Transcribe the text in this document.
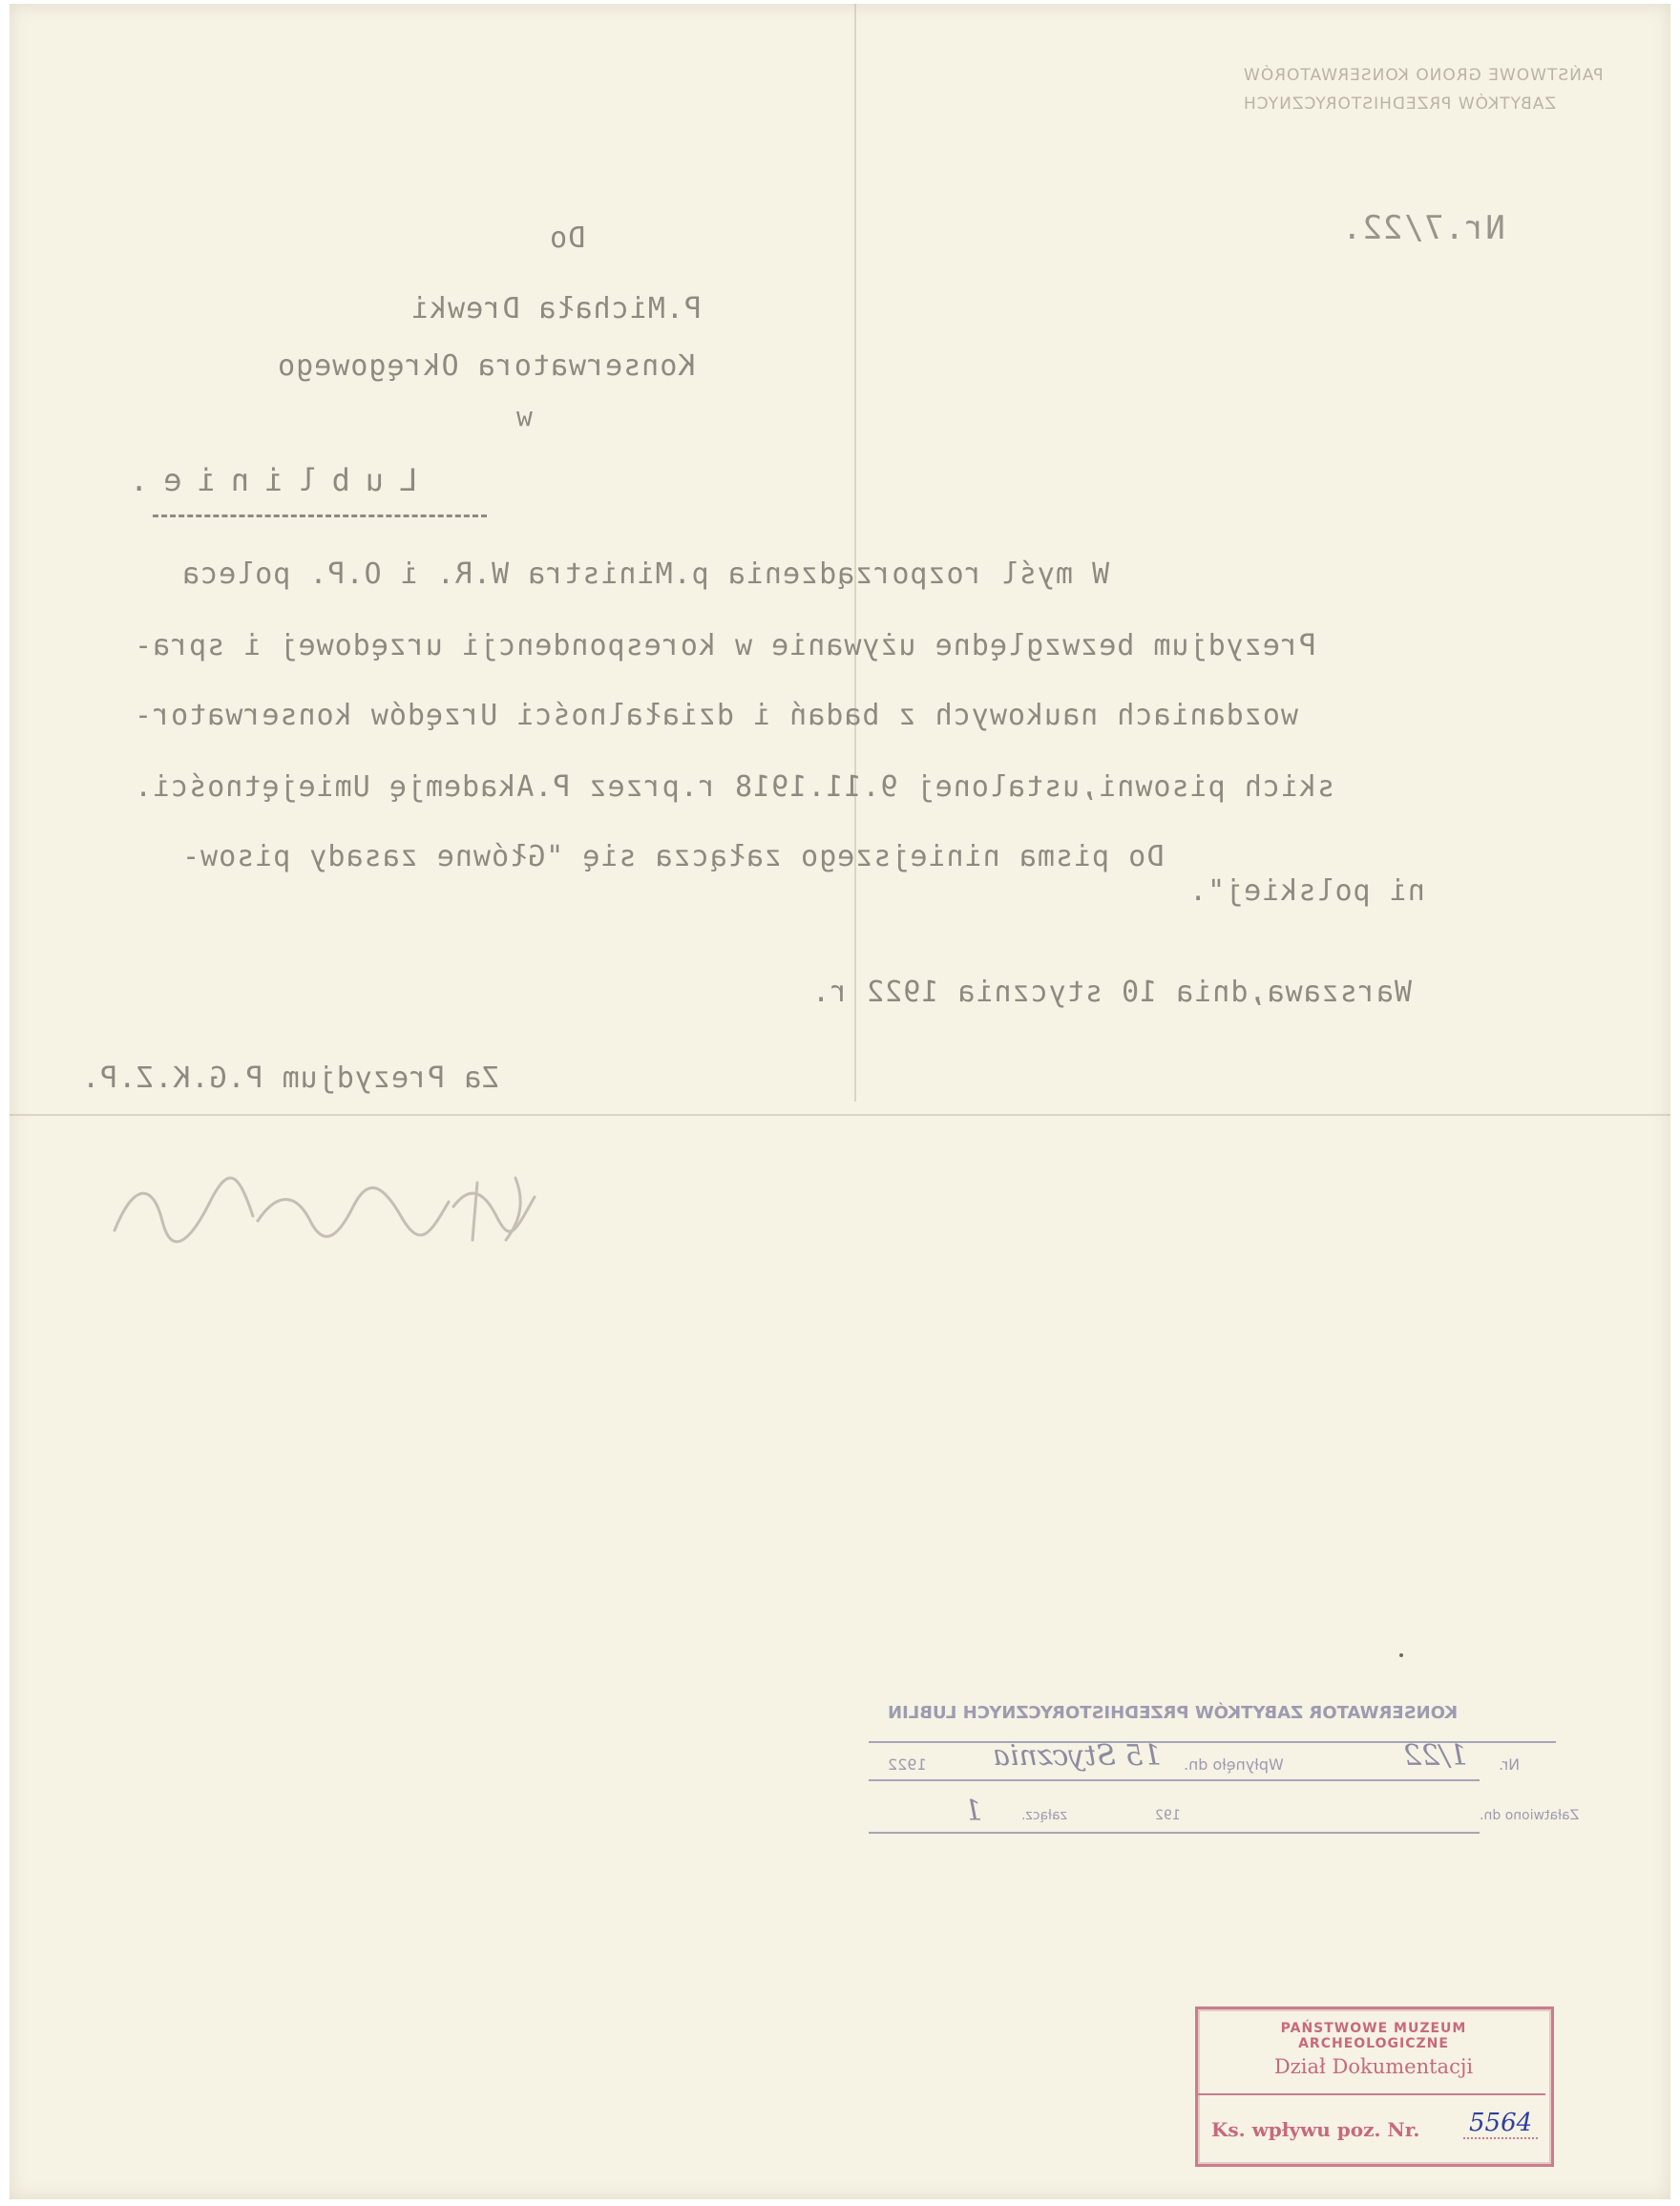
PAŃSTWOWE GRONO KONSERWATORÓW
ZABYTKÓW PRZEDHISTORYCZNYCH
Nr.7/22.
Do
P.Michała Drewki
Konserwatora Okręgowego
w
Lublinie.
W myśl rozporządzenia p.Ministra W.R. i O.P. poleca
Prezydjum bezwzględne używanie w korespondencji urzędowej i spra-
wozdaniach naukowych z badań i działalności Urzędów konserwator-
skich pisowni,ustalonej 9.11.1918 r.przez P.Akademję Umiejętności.
Do pisma niniejszego załącza się "Główne zasady pisow-
ni polskiej".
Warszawa,dnia 10 stycznia 1922 r.
Za Prezydjum P.G.K.Z.P.
KONSERWATOR ZABYTKÓW PRZEDHISTORYCZNYCH LUBLIN
Nr.
1/22
Wpłynęło dn.
15 Stycznia
1922
Załatwiono dn.
192
załącz.
1
PAŃSTWOWE MUZEUM ARCHEOLOGICZNE
Dział Dokumentacji
Ks. wpływu poz. Nr. 5564
